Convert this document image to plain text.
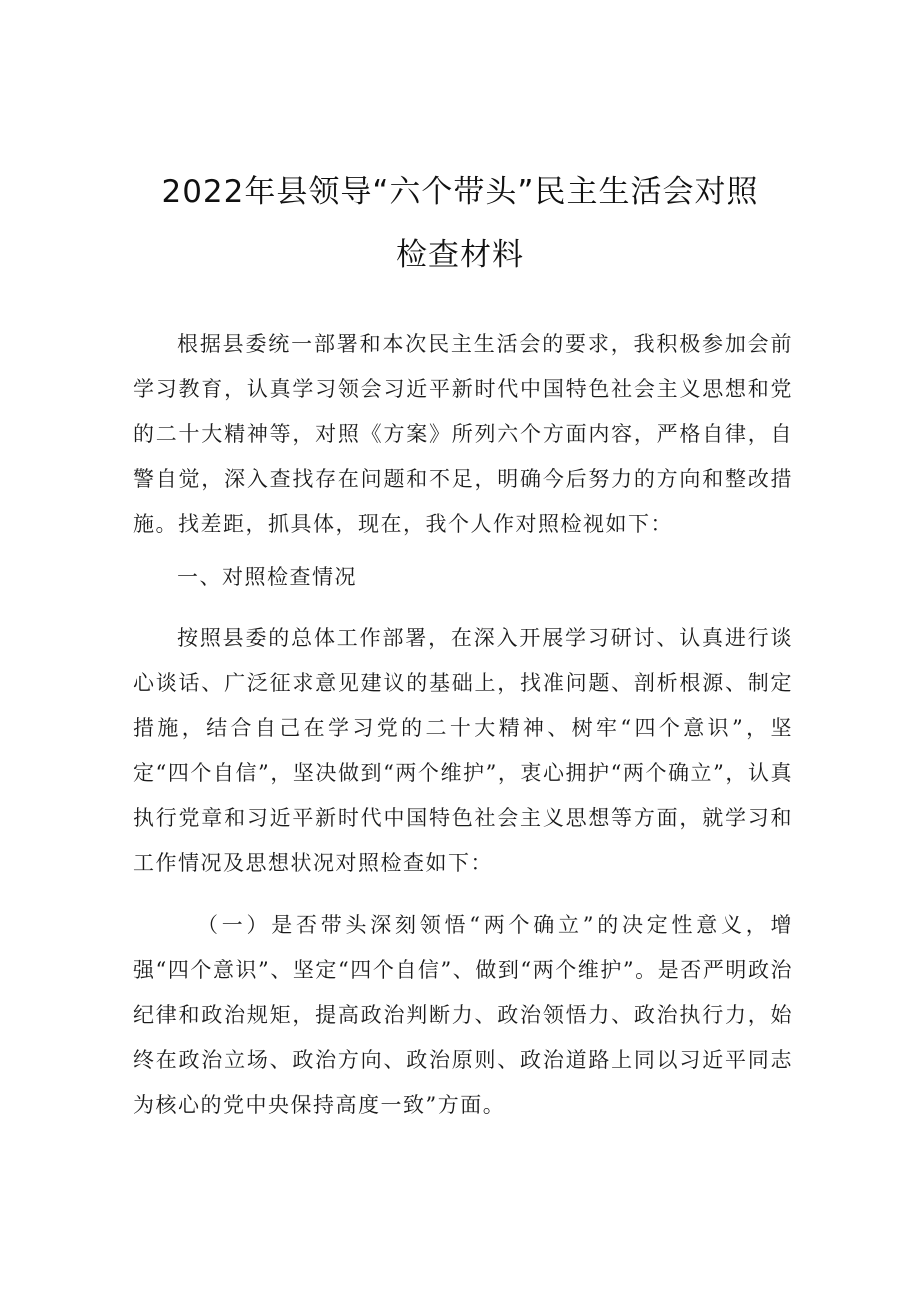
2022年县领导“六个带头”民主生活会对照
检查材料

根据县委统一部署和本次民主生活会的要求，我积极参加会前学习教育，认真学习领会习近平新时代中国特色社会主义思想和党的二十大精神等，对照《方案》所列六个方面内容，严格自律，自警自觉，深入查找存在问题和不足，明确今后努力的方向和整改措施。找差距，抓具体，现在，我个人作对照检视如下：

一、对照检查情况

按照县委的总体工作部署，在深入开展学习研讨、认真进行谈心谈话、广泛征求意见建议的基础上，找准问题、剖析根源、制定措施，结合自己在学习党的二十大精神、树牢“四个意识”，坚定“四个自信”，坚决做到“两个维护”，衷心拥护“两个确立”，认真执行党章和习近平新时代中国特色社会主义思想等方面，就学习和工作情况及思想状况对照检查如下：

（一）是否带头深刻领悟“两个确立”的决定性意义，增强“四个意识”、坚定“四个自信”、做到“两个维护”。是否严明政治纪律和政治规矩，提高政治判断力、政治领悟力、政治执行力，始终在政治立场、政治方向、政治原则、政治道路上同以习近平同志为核心的党中央保持高度一致”方面。
